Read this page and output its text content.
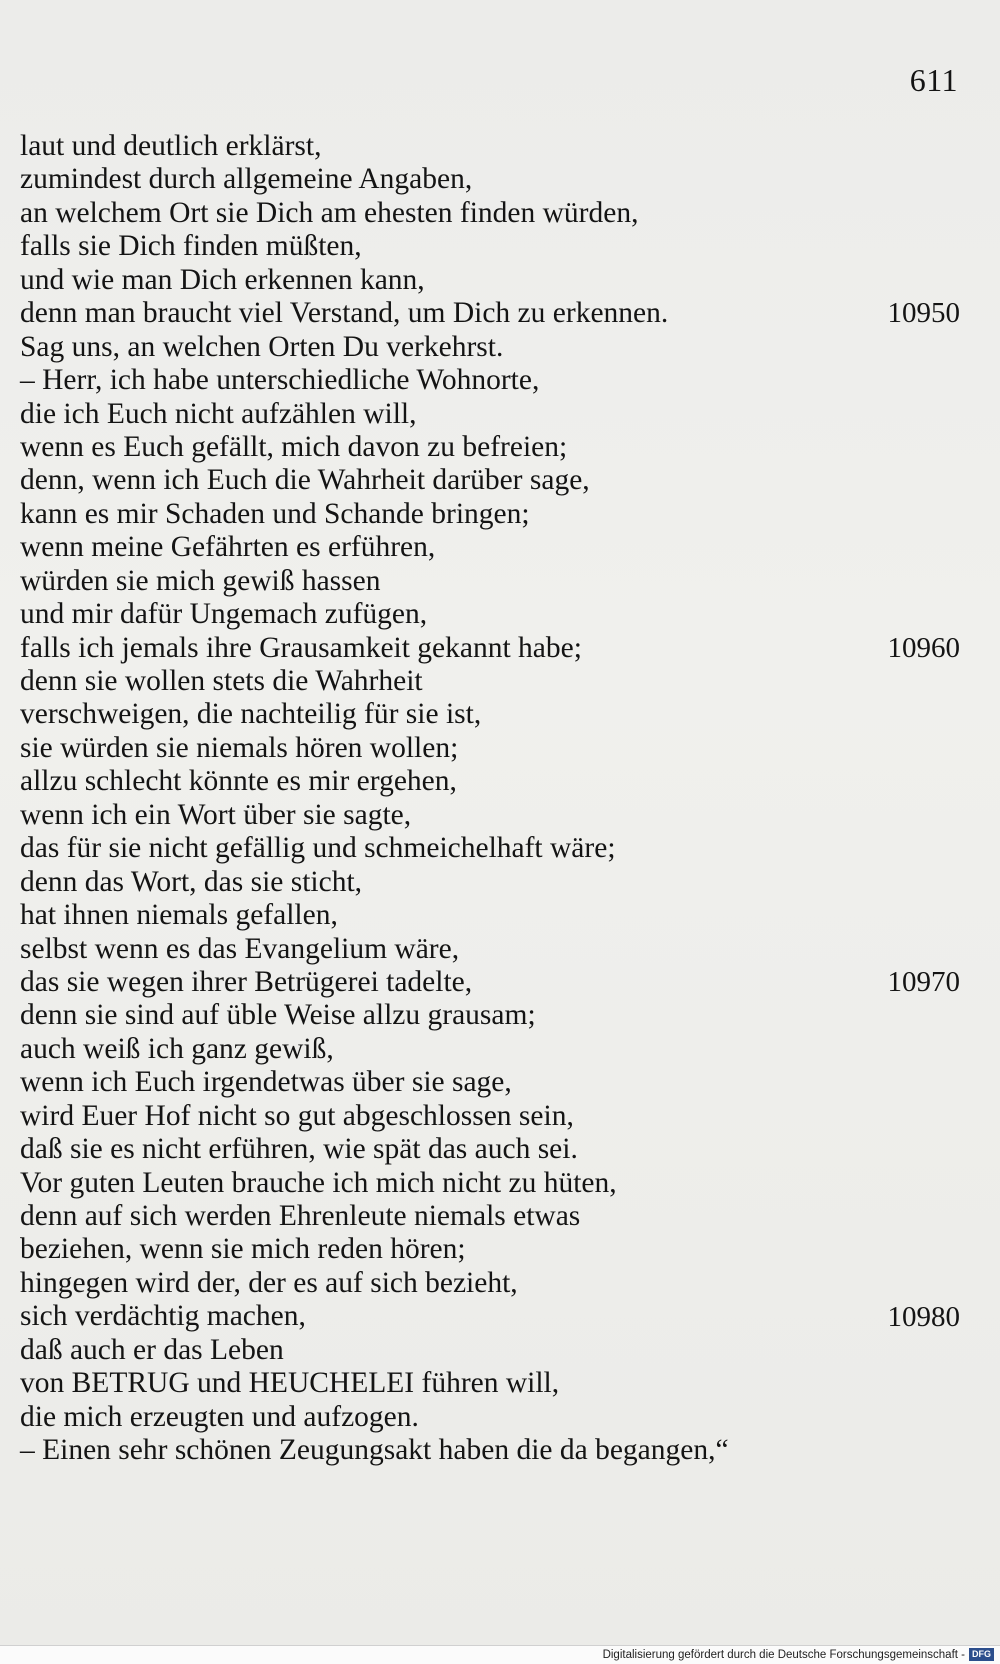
611
laut und deutlich erklärst,
zumindest durch allgemeine Angaben,
an welchem Ort sie Dich am ehesten finden würden,
falls sie Dich finden müßten,
und wie man Dich erkennen kann,
denn man braucht viel Verstand, um Dich zu erkennen.
Sag uns, an welchen Orten Du verkehrst.
– Herr, ich habe unterschiedliche Wohnorte,
die ich Euch nicht aufzählen will,
wenn es Euch gefällt, mich davon zu befreien;
denn, wenn ich Euch die Wahrheit darüber sage,
kann es mir Schaden und Schande bringen;
wenn meine Gefährten es erführen,
würden sie mich gewiß hassen
und mir dafür Ungemach zufügen,
falls ich jemals ihre Grausamkeit gekannt habe;
denn sie wollen stets die Wahrheit
verschweigen, die nachteilig für sie ist,
sie würden sie niemals hören wollen;
allzu schlecht könnte es mir ergehen,
wenn ich ein Wort über sie sagte,
das für sie nicht gefällig und schmeichelhaft wäre;
denn das Wort, das sie sticht,
hat ihnen niemals gefallen,
selbst wenn es das Evangelium wäre,
das sie wegen ihrer Betrügerei tadelte,
denn sie sind auf üble Weise allzu grausam;
auch weiß ich ganz gewiß,
wenn ich Euch irgendetwas über sie sage,
wird Euer Hof nicht so gut abgeschlossen sein,
daß sie es nicht erführen, wie spät das auch sei.
Vor guten Leuten brauche ich mich nicht zu hüten,
denn auf sich werden Ehrenleute niemals etwas
beziehen, wenn sie mich reden hören;
hingegen wird der, der es auf sich bezieht,
sich verdächtig machen,
daß auch er das Leben
von BETRUG und HEUCHELEI führen will,
die mich erzeugten und aufzogen.
– Einen sehr schönen Zeugungsakt haben die da begangen,“
10950
10960
10970
10980
Digitalisierung gefördert durch die Deutsche Forschungsgemeinschaft - DFG
